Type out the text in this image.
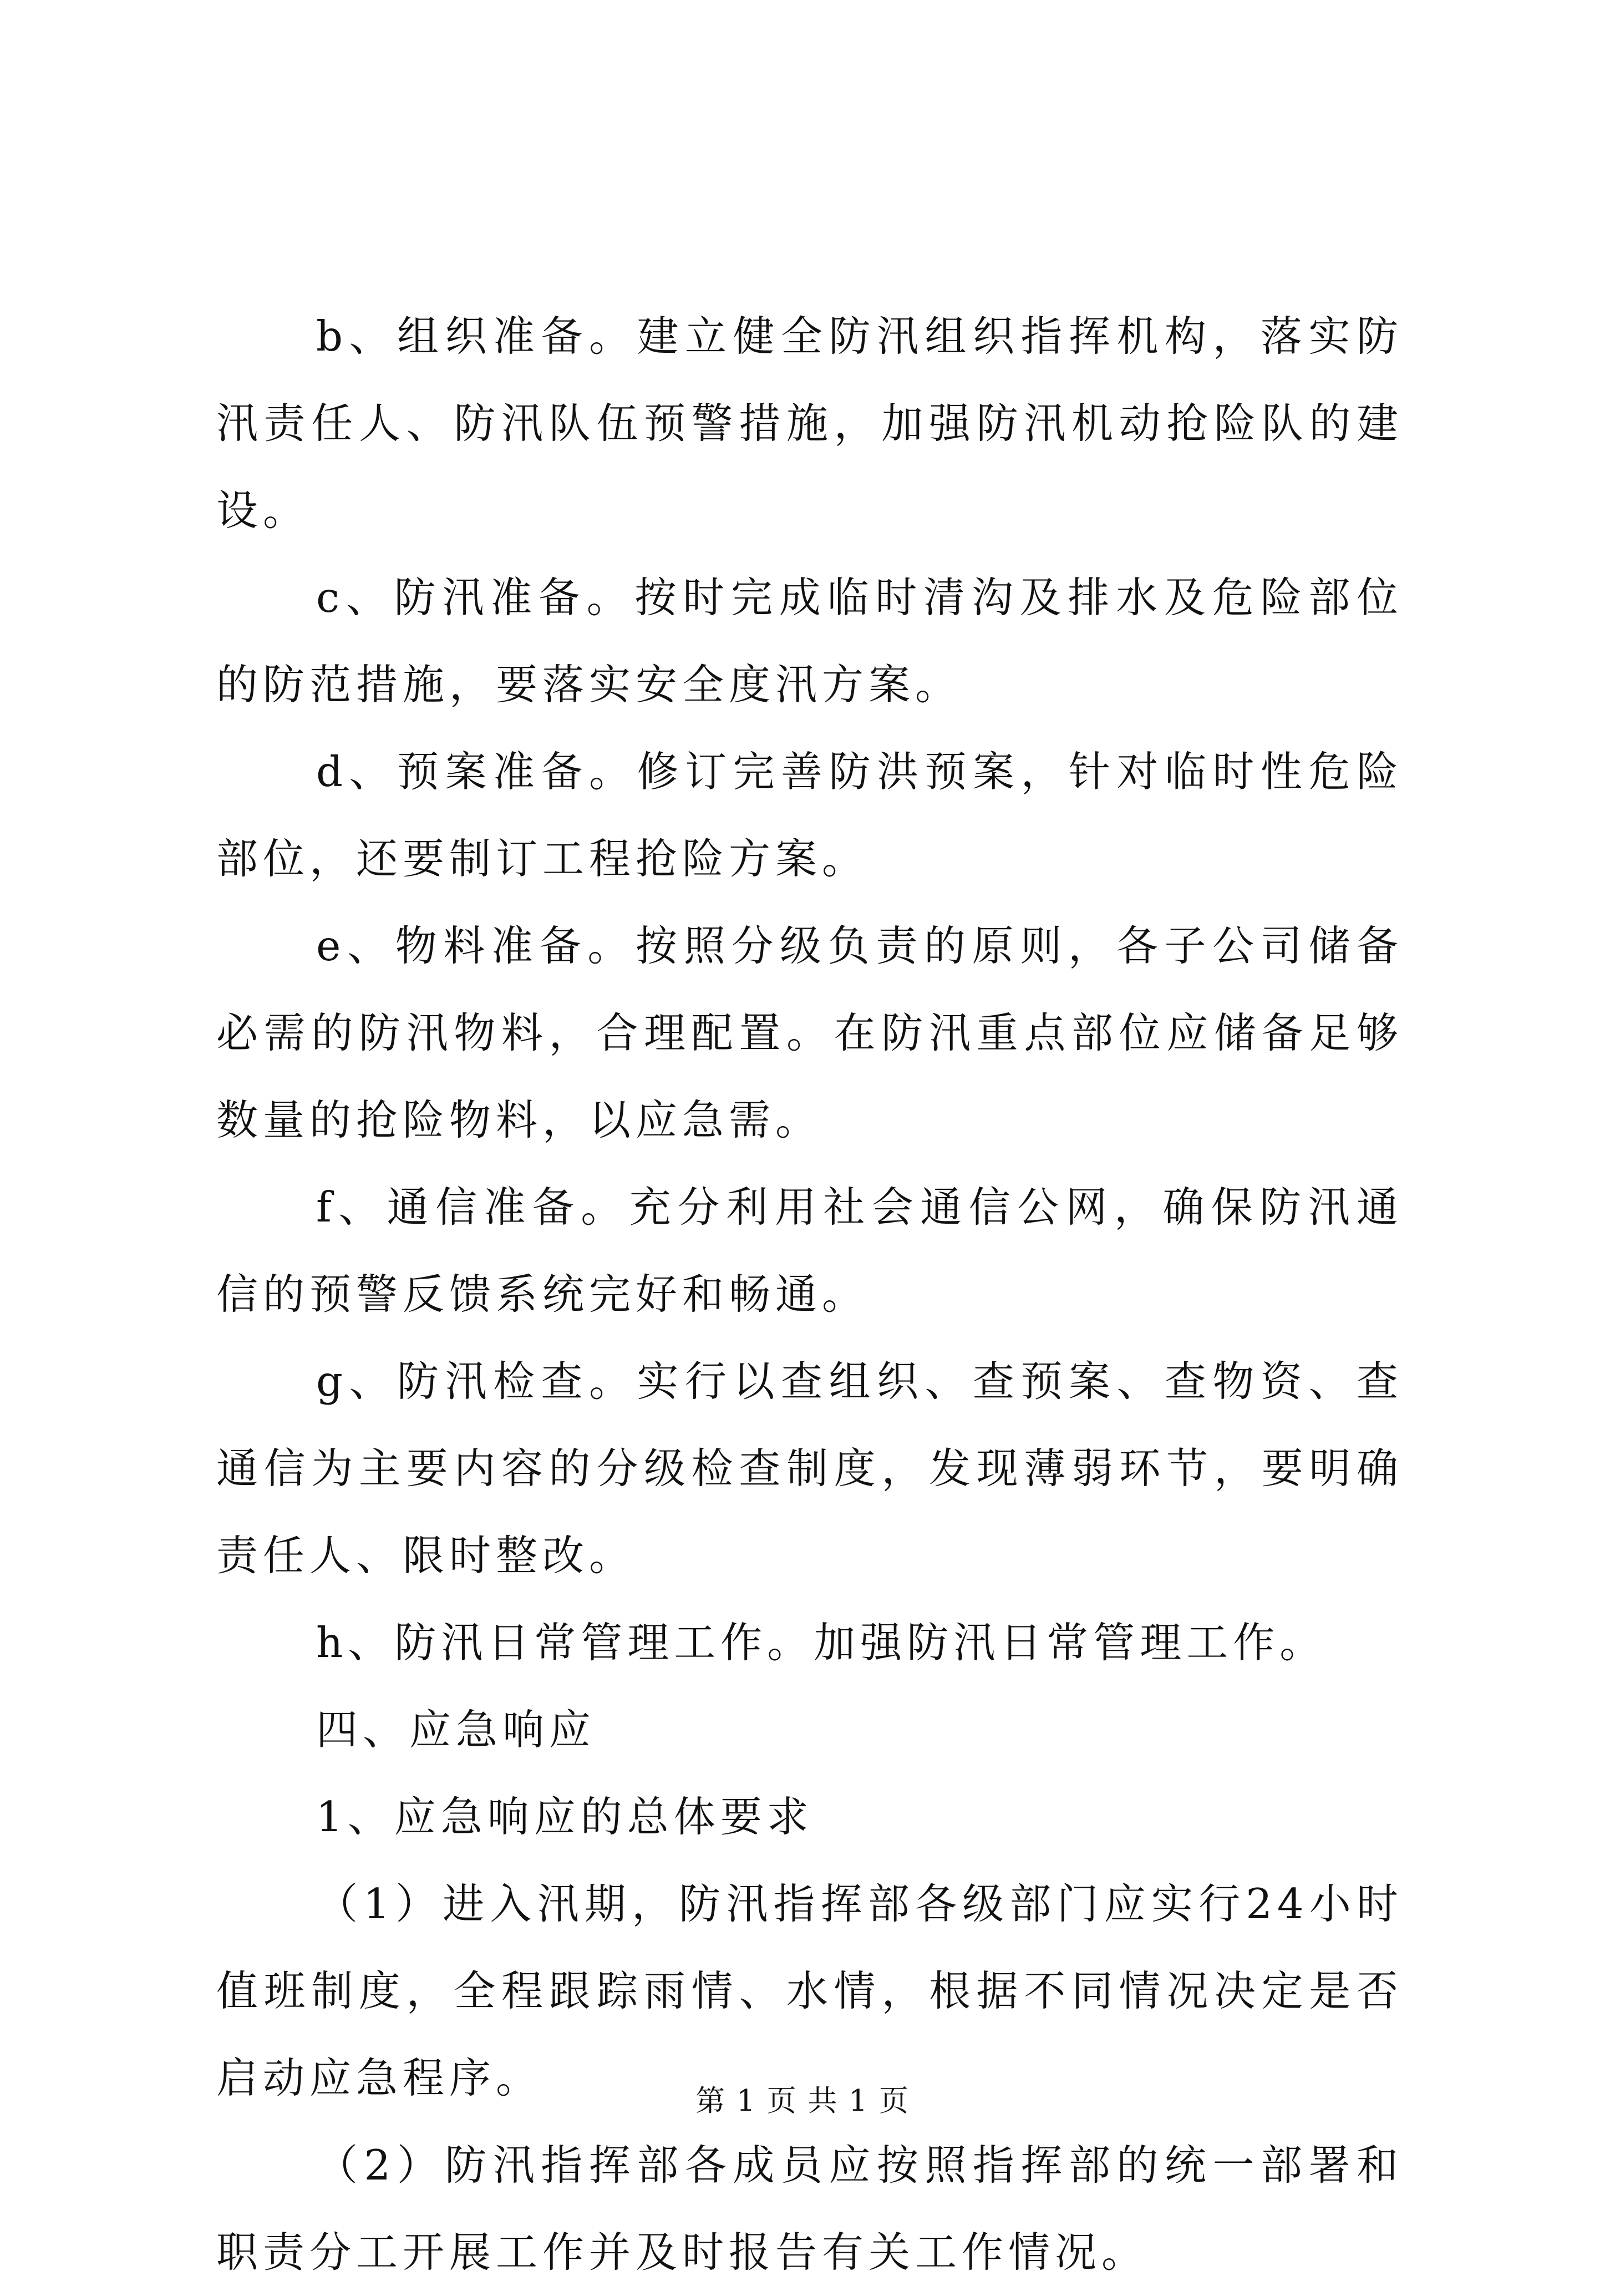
b、组织准备。建立健全防汛组织指挥机构，落实防汛责任人、防汛队伍预警措施，加强防汛机动抢险队的建设。

c、防汛准备。按时完成临时清沟及排水及危险部位的防范措施，要落实安全度汛方案。

d、预案准备。修订完善防洪预案，针对临时性危险部位，还要制订工程抢险方案。

e、物料准备。按照分级负责的原则，各子公司储备必需的防汛物料，合理配置。在防汛重点部位应储备足够数量的抢险物料，以应急需。

f、通信准备。充分利用社会通信公网，确保防汛通信的预警反馈系统完好和畅通。

g、防汛检查。实行以查组织、查预案、查物资、查通信为主要内容的分级检查制度，发现薄弱环节，要明确责任人、限时整改。

h、防汛日常管理工作。加强防汛日常管理工作。

四、应急响应

1、应急响应的总体要求

（1）进入汛期，防汛指挥部各级部门应实行24小时值班制度，全程跟踪雨情、水情，根据不同情况决定是否启动应急程序。

（2）防汛指挥部各成员应按照指挥部的统一部署和职责分工开展工作并及时报告有关工作情况。

第 1 页 共 1 页
